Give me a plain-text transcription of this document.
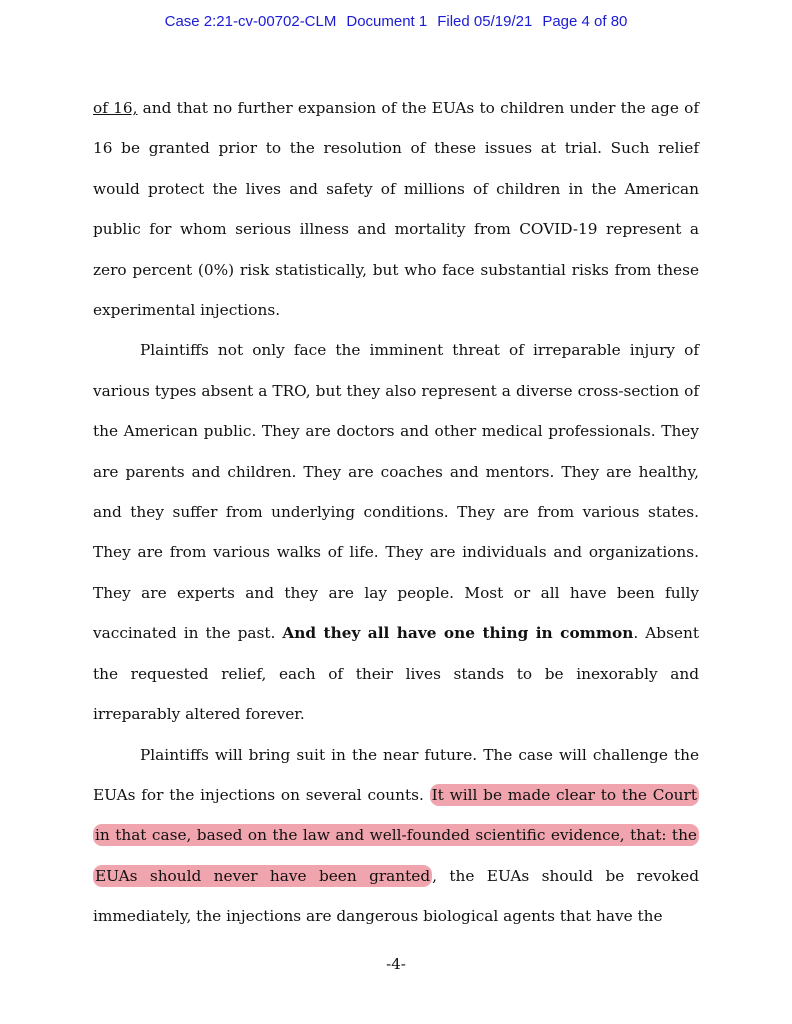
Case 2:21-cv-00702-CLM Document 1 Filed 05/19/21 Page 4 of 80

of 16, and that no further expansion of the EUAs to children under the age of 16 be granted prior to the resolution of these issues at trial. Such relief would protect the lives and safety of millions of children in the American public for whom serious illness and mortality from COVID-19 represent a zero percent (0%) risk statistically, but who face substantial risks from these experimental injections.

Plaintiffs not only face the imminent threat of irreparable injury of various types absent a TRO, but they also represent a diverse cross-section of the American public. They are doctors and other medical professionals. They are parents and children. They are coaches and mentors. They are healthy, and they suffer from underlying conditions. They are from various states. They are from various walks of life. They are individuals and organizations. They are experts and they are lay people. Most or all have been fully vaccinated in the past. And they all have one thing in common. Absent the requested relief, each of their lives stands to be inexorably and irreparably altered forever.

Plaintiffs will bring suit in the near future. The case will challenge the EUAs for the injections on several counts. It will be made clear to the Court in that case, based on the law and well-founded scientific evidence, that: the EUAs should never have been granted , the EUAs should be revoked immediately, the injections are dangerous biological agents that have the

-4-
